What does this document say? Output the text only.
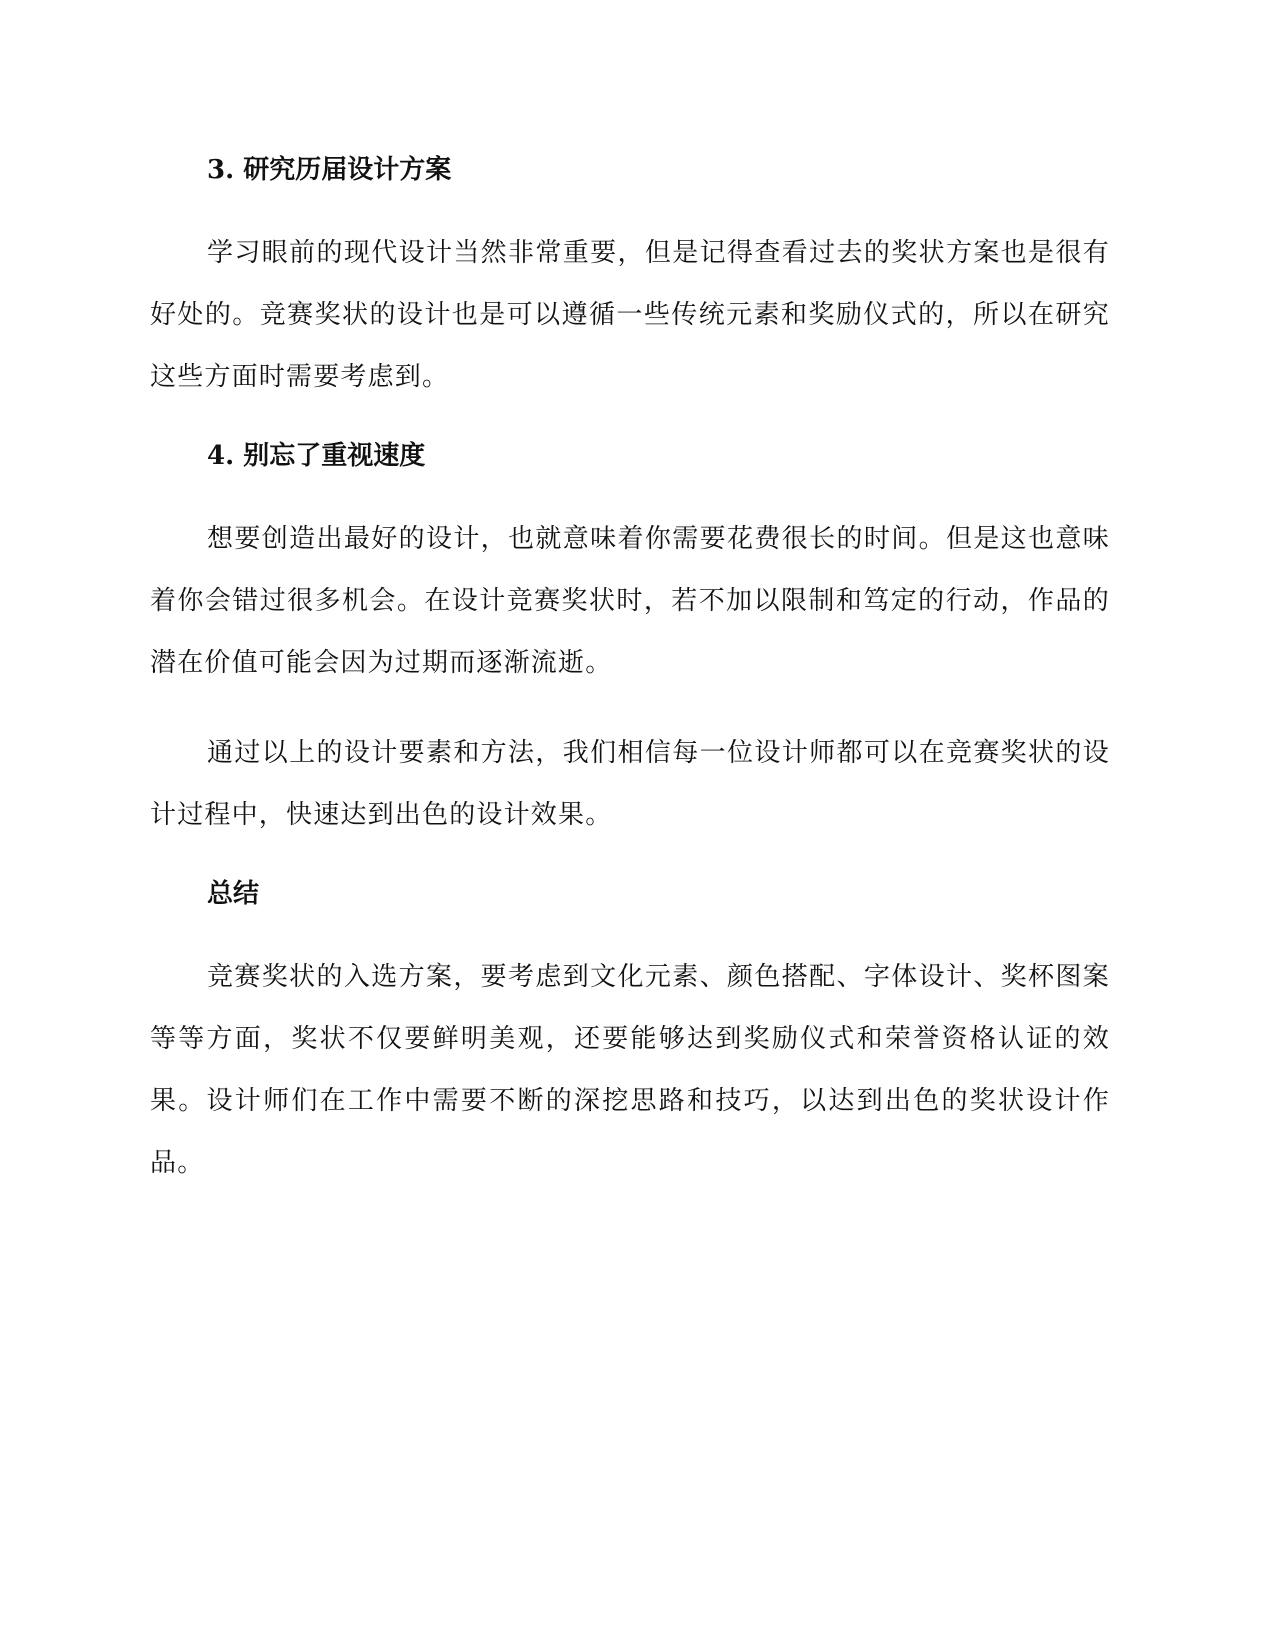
3. 研究历届设计方案

学习眼前的现代设计当然非常重要，但是记得查看过去的奖状方案也是很有好处的。竞赛奖状的设计也是可以遵循一些传统元素和奖励仪式的，所以在研究这些方面时需要考虑到。

4. 别忘了重视速度

想要创造出最好的设计，也就意味着你需要花费很长的时间。但是这也意味着你会错过很多机会。在设计竞赛奖状时，若不加以限制和笃定的行动，作品的潜在价值可能会因为过期而逐渐流逝。

通过以上的设计要素和方法，我们相信每一位设计师都可以在竞赛奖状的设计过程中，快速达到出色的设计效果。

总结

竞赛奖状的入选方案，要考虑到文化元素、颜色搭配、字体设计、奖杯图案等等方面，奖状不仅要鲜明美观，还要能够达到奖励仪式和荣誉资格认证的效果。设计师们在工作中需要不断的深挖思路和技巧，以达到出色的奖状设计作品。
